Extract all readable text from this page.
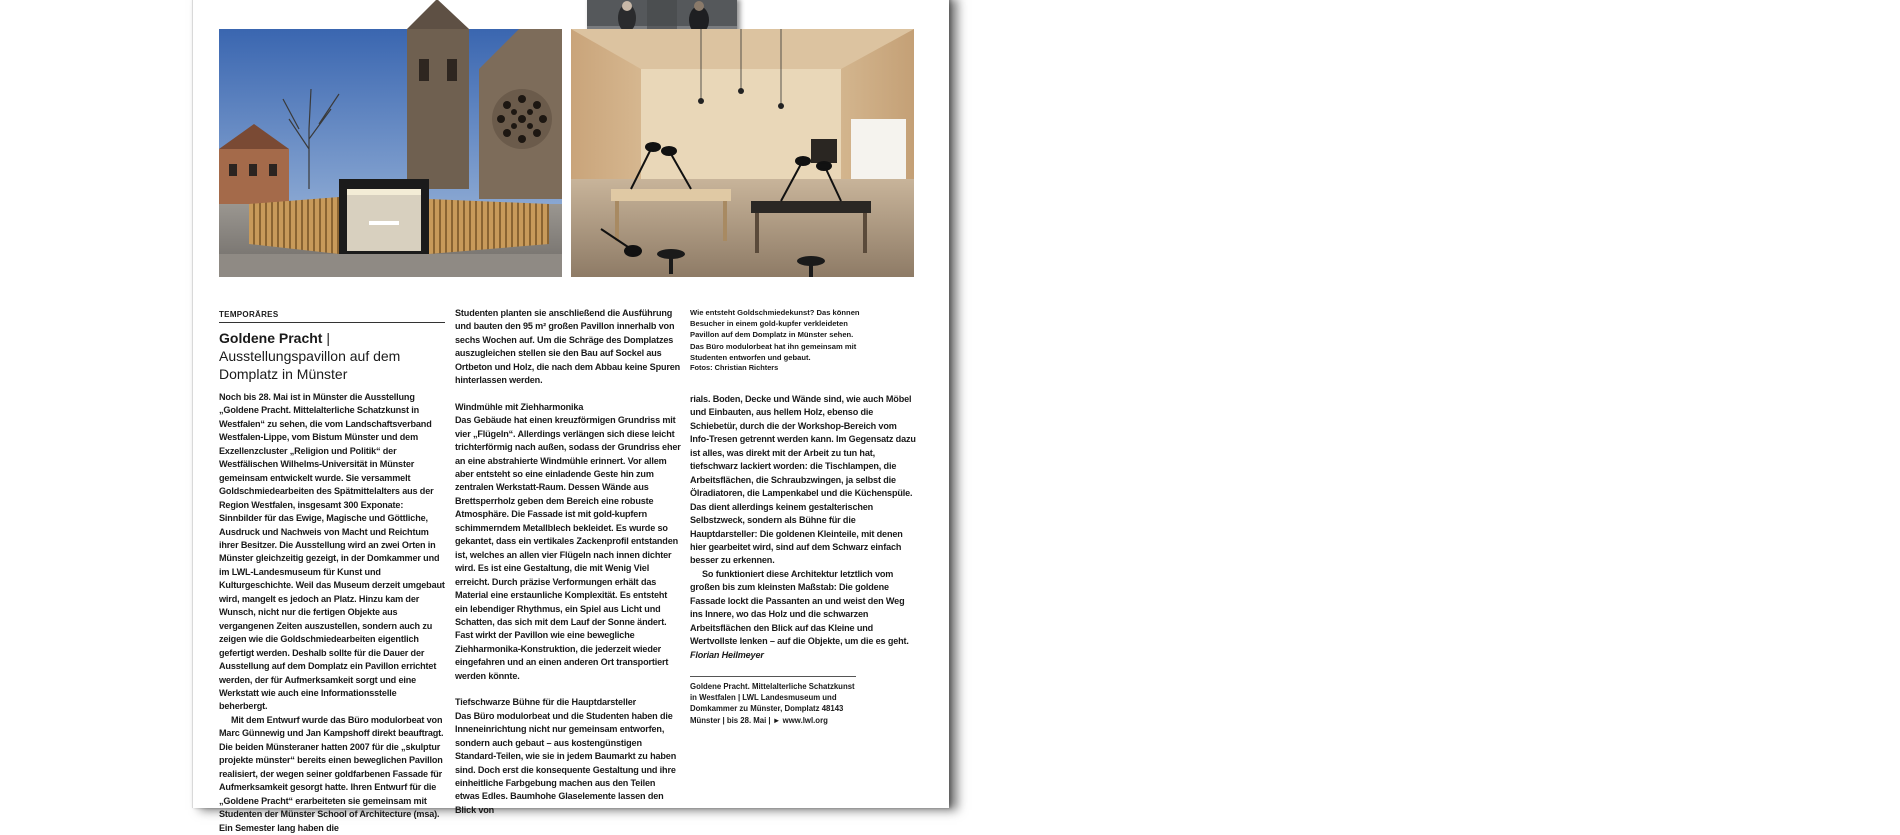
TEMPORÄRES
Goldene Pracht | Ausstellungspavillon auf dem Domplatz in Münster

Noch bis 28. Mai ist in Münster die Ausstellung „Goldene Pracht. Mittelalterliche Schatzkunst in Westfalen“ zu sehen, die vom Landschaftsverband Westfalen-Lippe, vom Bistum Münster und dem Exzellenzcluster „Religion und Politik“ der Westfälischen Wilhelms-Universität in Münster gemeinsam entwickelt wurde. Sie versammelt Goldschmiedearbeiten des Spätmittelalters aus der Region Westfalen, insgesamt 300 Exponate: Sinnbilder für das Ewige, Magische und Göttliche, Ausdruck und Nachweis von Macht und Reichtum ihrer Besitzer. Die Ausstellung wird an zwei Orten in Münster gleichzeitig gezeigt, in der Domkammer und im LWL-Landesmuseum für Kunst und Kulturgeschichte. Weil das Museum derzeit umgebaut wird, mangelt es jedoch an Platz. Hinzu kam der Wunsch, nicht nur die fertigen Objekte aus vergangenen Zeiten auszustellen, sondern auch zu zeigen wie die Goldschmiedearbeiten eigentlich gefertigt werden. Deshalb sollte für die Dauer der Ausstellung auf dem Domplatz ein Pavillon errichtet werden, der für Aufmerksamkeit sorgt und eine Werkstatt wie auch eine Informationsstelle beherbergt.

Mit dem Entwurf wurde das Büro modulorbeat von Marc Günnewig und Jan Kampshoff direkt beauftragt. Die beiden Münsteraner hatten 2007 für die „skulptur projekte münster“ bereits einen beweglichen Pavillon realisiert, der wegen seiner goldfarbenen Fassade für Aufmerksamkeit gesorgt hatte. Ihren Entwurf für die „Goldene Pracht“ erarbeiteten sie gemeinsam mit Studenten der Münster School of Architecture (msa). Ein Semester lang haben die

Studenten planten sie anschließend die Ausführung und bauten den 95 m² großen Pavillon innerhalb von sechs Wochen auf. Um die Schräge des Domplatzes auszugleichen stellen sie den Bau auf Sockel aus Ortbeton und Holz, die nach dem Abbau keine Spuren hinterlassen werden.

Windmühle mit Ziehharmonika

Das Gebäude hat einen kreuzförmigen Grundriss mit vier „Flügeln“. Allerdings verlängen sich diese leicht trichterförmig nach außen, sodass der Grundriss eher an eine abstrahierte Windmühle erinnert. Vor allem aber entsteht so eine einladende Geste hin zum zentralen Werkstatt-Raum. Dessen Wände aus Brettsperrholz geben dem Bereich eine robuste Atmosphäre. Die Fassade ist mit gold-kupfern schimmerndem Metallblech bekleidet. Es wurde so gekantet, dass ein vertikales Zackenprofil entstanden ist, welches an allen vier Flügeln nach innen dichter wird. Es ist eine Gestaltung, die mit Wenig Viel erreicht. Durch präzise Verformungen erhält das Material eine erstaunliche Komplexität. Es entsteht ein lebendiger Rhythmus, ein Spiel aus Licht und Schatten, das sich mit dem Lauf der Sonne ändert. Fast wirkt der Pavillon wie eine bewegliche Ziehharmonika-Konstruktion, die jederzeit wieder eingefahren und an einen anderen Ort transportiert werden könnte.

Tiefschwarze Bühne für die Hauptdarsteller

Das Büro modulorbeat und die Studenten haben die Inneneinrichtung nicht nur gemeinsam entworfen, sondern auch gebaut – aus kostengünstigen Standard-Teilen, wie sie in jedem Baumarkt zu haben sind. Doch erst die konsequente Gestaltung und ihre einheitliche Farbgebung machen aus den Teilen etwas Edles. Baumhohe Glaselemente lassen den Blick von

Wie entsteht Goldschmiedekunst? Das können Besucher in einem gold-kupfer verkleideten Pavillon auf dem Domplatz in Münster sehen. Das Büro modulorbeat hat ihn gemeinsam mit Studenten entworfen und gebaut.

Fotos: Christian Richters

rials. Boden, Decke und Wände sind, wie auch Möbel und Einbauten, aus hellem Holz, ebenso die Schiebetür, durch die der Workshop-Bereich vom Info-Tresen getrennt werden kann. Im Gegensatz dazu ist alles, was direkt mit der Arbeit zu tun hat, tiefschwarz lackiert worden: die Tischlampen, die Arbeitsflächen, die Schraubzwingen, ja selbst die Ölradiatoren, die Lampenkabel und die Küchenspüle. Das dient allerdings keinem gestalterischen Selbstzweck, sondern als Bühne für die Hauptdarsteller: Die goldenen Kleinteile, mit denen hier gearbeitet wird, sind auf dem Schwarz einfach besser zu erkennen.

So funktioniert diese Architektur letztlich vom großen bis zum kleinsten Maßstab: Die goldene Fassade lockt die Passanten an und weist den Weg ins Innere, wo das Holz und die schwarzen Arbeitsflächen den Blick auf das Kleine und Wertvollste lenken – auf die Objekte, um die es geht.

Florian Heilmeyer

Goldene Pracht. Mittelalterliche Schatzkunst in Westfalen | LWL Landesmuseum und Domkammer zu Münster, Domplatz 48143 Münster | bis 28. Mai | ► www.lwl.org
